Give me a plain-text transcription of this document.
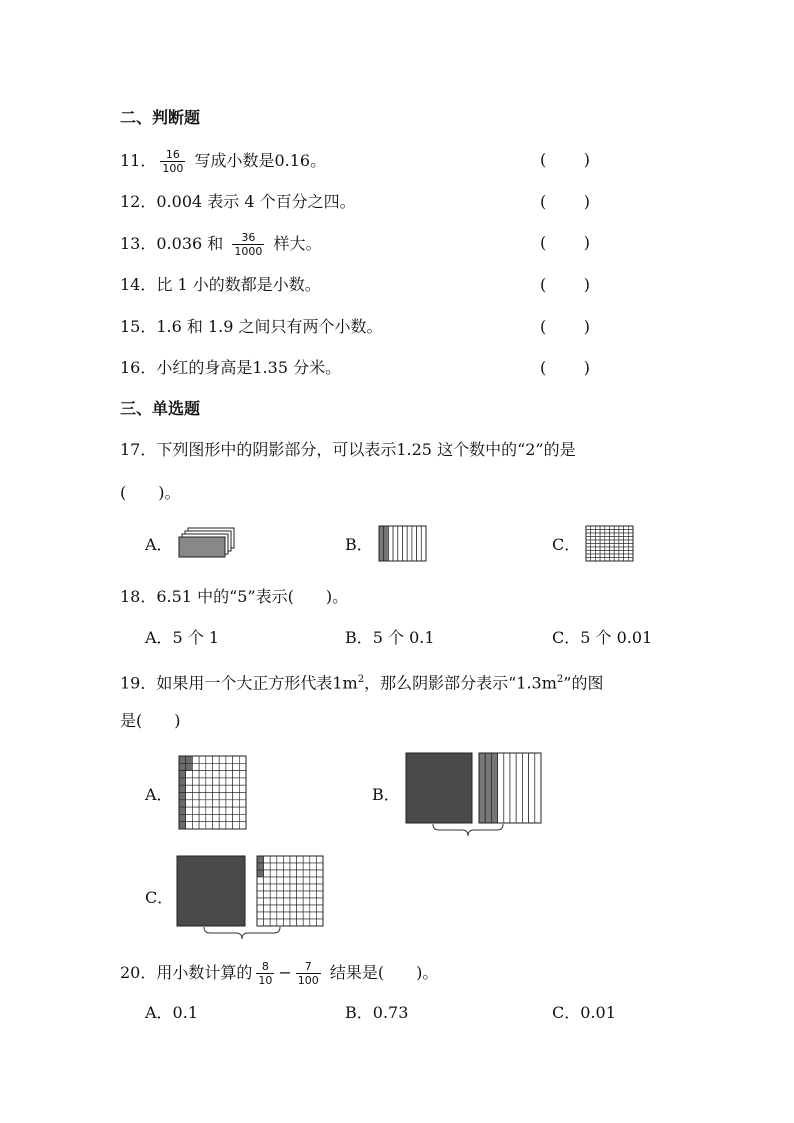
二、判断题
11． $\frac{16}{100}$ 写成小数是0.16。	( )
12．0.004 表示 4 个百分之四。	( )
13．0.036 和 $\frac{36}{1000}$ 样大。	( )
14．比 1 小的数都是小数。	( )
15．1.6 和 1.9 之间只有两个小数。	( )
16．小红的身高是1.35 分米。	( )
三、单选题
17．下列图形中的阴影部分，可以表示1.25 这个数中的“2”的是
(　　)。
A．	B．	C．
18．6.51 中的“5”表示(　　)。
A．5 个 1	B．5 个 0.1	C．5 个 0.01
19．如果用一个大正方形代表$1m^2$，那么阴影部分表示“$1.3m^2$”的图
是(　　)
A．	B．
C．
20．用小数计算的 $\frac{8}{10} - \frac{7}{100}$ 结果是(　　)。
A．0.1	B．0.73	C．0.01
